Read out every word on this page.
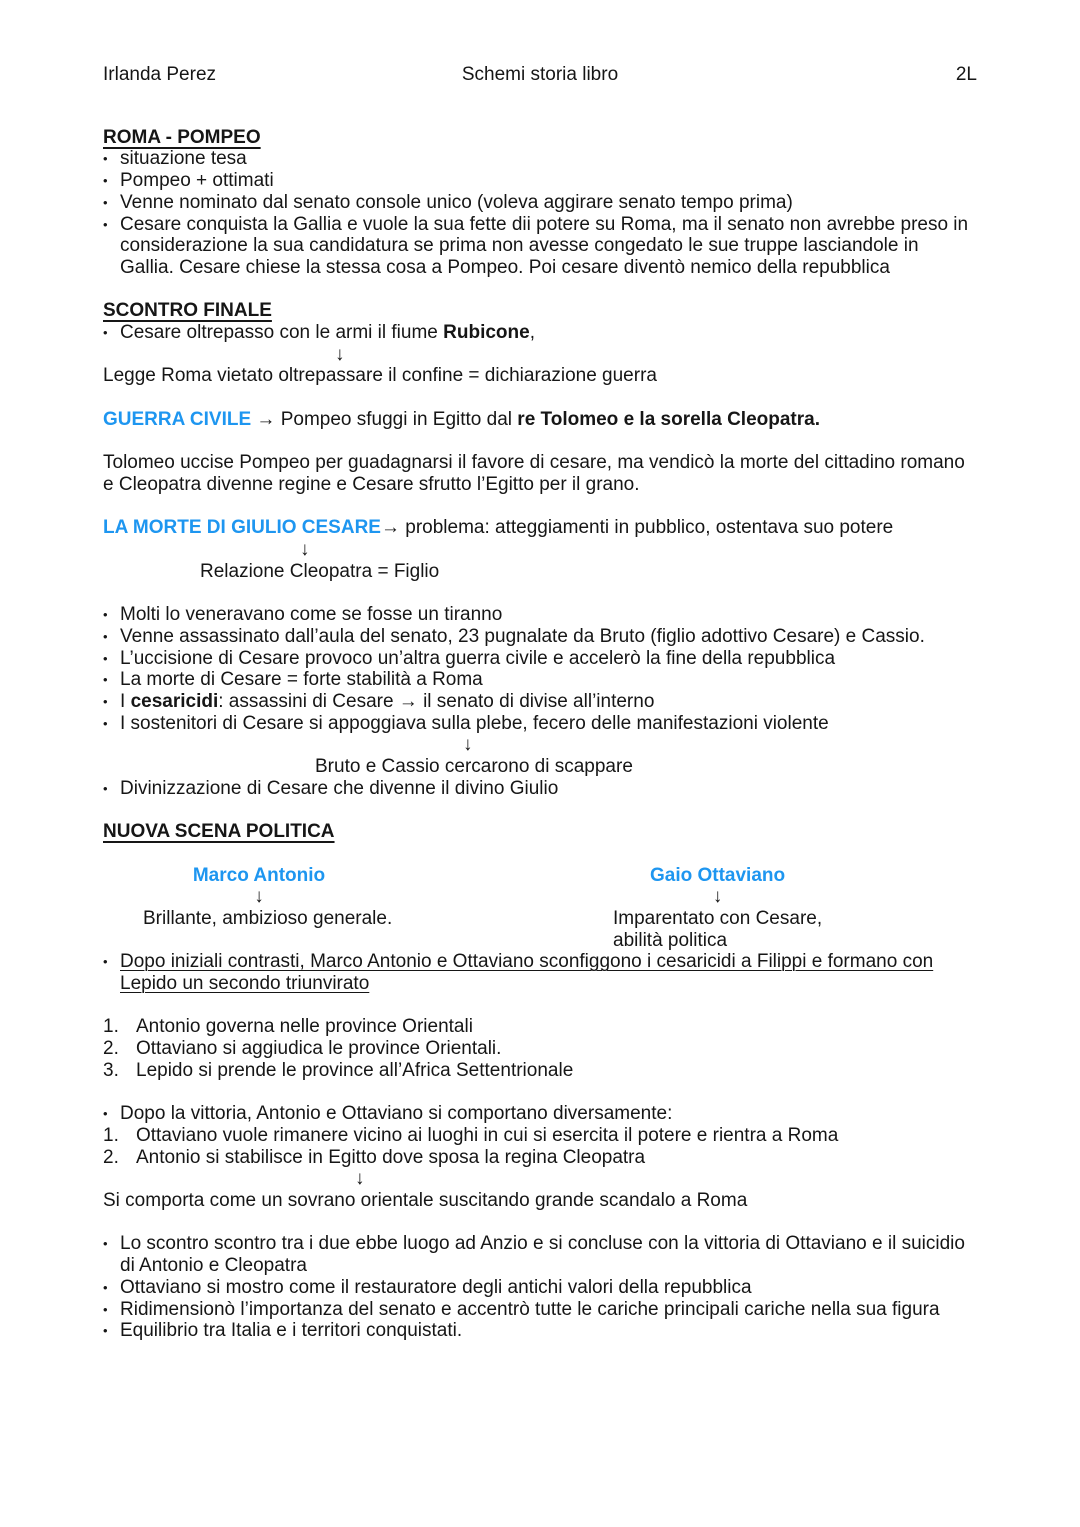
Irlanda Perez	Schemi storia libro	2L
ROMA - POMPEO
• situazione tesa
• Pompeo + ottimati
• Venne nominato dal senato console unico (voleva aggirare senato tempo prima)
• Cesare conquista la Gallia e vuole la sua fette dii potere su Roma, ma il senato non avrebbe preso in considerazione la sua candidatura se prima non avesse congedato le sue truppe lasciandole in Gallia. Cesare chiese la stessa cosa a Pompeo. Poi cesare diventò nemico della repubblica
SCONTRO FINALE
• Cesare oltrepasso con le armi il fiume Rubicone,
↓
Legge Roma vietato oltrepassare il confine = dichiarazione guerra
GUERRA CIVILE → Pompeo sfuggi in Egitto dal re Tolomeo e la sorella Cleopatra.
Tolomeo uccise Pompeo per guadagnarsi il favore di cesare, ma vendicò la morte del cittadino romano e Cleopatra divenne regine e Cesare sfrutto l’Egitto per il grano.
LA MORTE DI GIULIO CESARE→ problema: atteggiamenti in pubblico, ostentava suo potere
↓
Relazione Cleopatra = Figlio
• Molti lo veneravano come se fosse un tiranno
• Venne assassinato dall’aula del senato, 23 pugnalate da Bruto (figlio adottivo Cesare) e Cassio.
• L’uccisione di Cesare provoco un’altra guerra civile e accelerò la fine della repubblica
• La morte di Cesare = forte stabilità a Roma
• I cesaricidi: assassini di Cesare → il senato di divise all’interno
• I sostenitori di Cesare si appoggiava sulla plebe, fecero delle manifestazioni violente
↓
Bruto e Cassio cercarono di scappare
• Divinizzazione di Cesare che divenne il divino Giulio
NUOVA SCENA POLITICA
Marco Antonio
↓
Brillante, ambizioso generale.
Gaio Ottaviano
↓
Imparentato con Cesare,
abilità politica
• Dopo iniziali contrasti, Marco Antonio e Ottaviano sconfiggono i cesaricidi a Filippi e formano con Lepido un secondo triunvirato
1. Antonio governa nelle province Orientali
2. Ottaviano si aggiudica le province Orientali.
3. Lepido si prende le province all’Africa Settentrionale
• Dopo la vittoria, Antonio e Ottaviano si comportano diversamente:
1. Ottaviano vuole rimanere vicino ai luoghi in cui si esercita il potere e rientra a Roma
2. Antonio si stabilisce in Egitto dove sposa la regina Cleopatra
↓
Si comporta come un sovrano orientale suscitando grande scandalo a Roma
• Lo scontro scontro tra i due ebbe luogo ad Anzio e si concluse con la vittoria di Ottaviano e il suicidio di Antonio e Cleopatra
• Ottaviano si mostro come il restauratore degli antichi valori della repubblica
• Ridimensionò l’importanza del senato e accentrò tutte le cariche principali cariche nella sua figura
• Equilibrio tra Italia e i territori conquistati.
